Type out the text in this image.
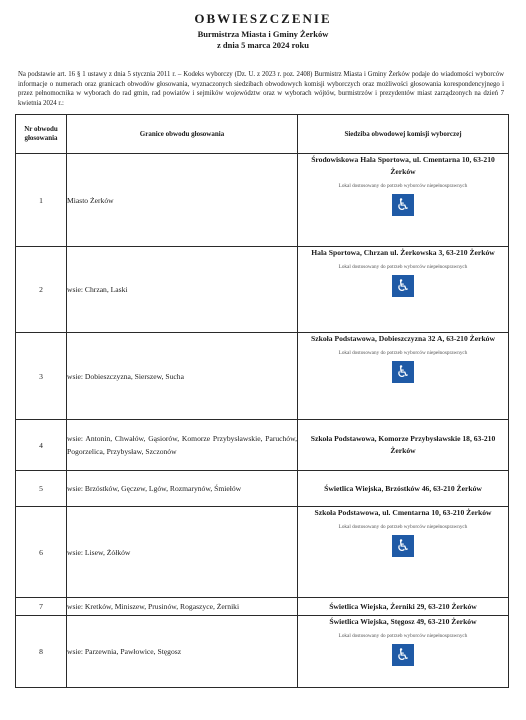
OBWIESZCZENIE
Burmistrza Miasta i Gminy Żerków
z dnia 5 marca 2024 roku
Na podstawie art. 16 § 1 ustawy z dnia 5 stycznia 2011 r. – Kodeks wyborczy (Dz. U. z 2023 r. poz. 2408) Burmistrz Miasta i Gminy Żerków podaje do wiadomości wyborców informacje o numerach oraz granicach obwodów głosowania, wyznaczonych siedzibach obwodowych komisji wyborczych oraz możliwości głosowania korespondencyjnego i przez pełnomocnika w wyborach do rad gmin, rad powiatów i sejmików województw oraz w wyborach wójtów, burmistrzów i prezydentów miast zarządzonych na dzień 7 kwietnia 2024 r.:
Nr obwodu głosowania	Granice obwodu głosowania	Siedziba obwodowej komisji wyborczej
1	Miasto Żerków	Środowiskowa Hala Sportowa, ul. Cmentarna 10, 63-210 Żerków
Lokal dostosowany do potrzeb wyborców niepełnosprawnych
♿
2	wsie: Chrzan, Laski	Hala Sportowa, Chrzan ul. Żerkowska 3, 63-210 Żerków
Lokal dostosowany do potrzeb wyborców niepełnosprawnych
♿
3	wsie: Dobieszczyzna, Sierszew, Sucha	Szkoła Podstawowa, Dobieszczyzna 32 A, 63-210 Żerków
Lokal dostosowany do potrzeb wyborców niepełnosprawnych
♿
4	wsie: Antonin, Chwałów, Gąsiorów, Komorze Przybysławskie, Paruchów, Pogorzelica, Przybysław, Szczonów	Szkoła Podstawowa, Komorze Przybysławskie 18, 63-210 Żerków

5	wsie: Brzóstków, Gęczew, Lgów, Rozmarynów, Śmiełów	Świetlica Wiejska, Brzóstków 46, 63-210 Żerków

6	wsie: Lisew, Żółków	Szkoła Podstawowa, ul. Cmentarna 10, 63-210 Żerków
Lokal dostosowany do potrzeb wyborców niepełnosprawnych
♿
7	wsie: Kretków, Miniszew, Prusinów, Rogaszyce, Żerniki	Świetlica Wiejska, Żerniki 29, 63-210 Żerków

8	wsie: Parzewnia, Pawłowice, Stęgosz	Świetlica Wiejska, Stęgosz 49, 63-210 Żerków
Lokal dostosowany do potrzeb wyborców niepełnosprawnych
♿
